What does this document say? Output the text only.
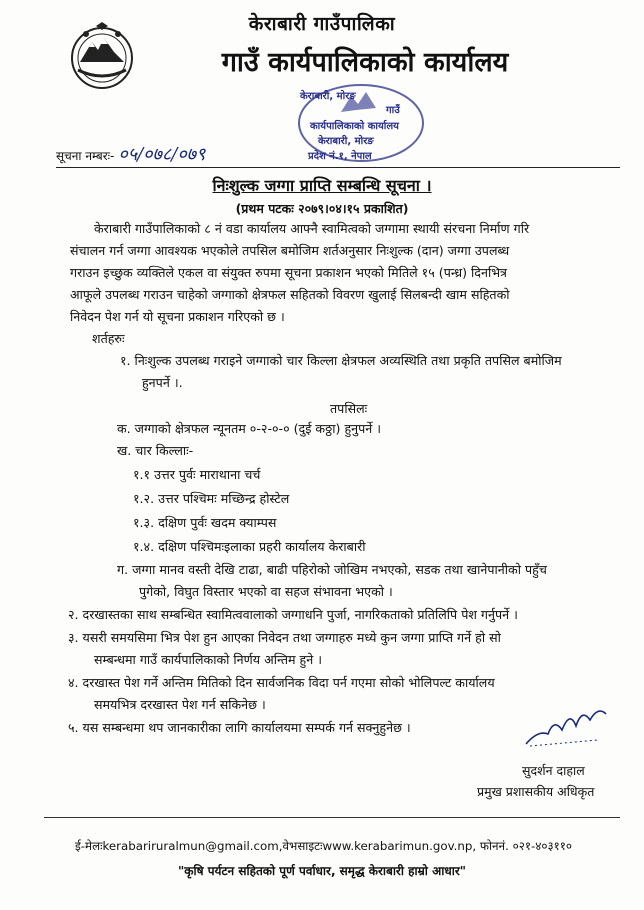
केराबारी गाउँपालिका
गाउँ कार्यपालिकाको कार्यालय
केराबारी, मोरङ
गाउँ
कार्यपालिकाको कार्यालय
केराबारी, मोरङ
प्रदेश नं.१, नेपाल
सूचना नम्बरः- ०५/०७८/०७९
निःशुल्क जग्गा प्राप्ति सम्बन्धि सूचना ।
(प्रथम पटकः २०७९।०४।१५ प्रकाशित)
केराबारी गाउँपालिकाको ८ नं वडा कार्यालय आफ्नै स्वामित्वको जग्गामा स्थायी संरचना निर्माण गरि
संचालन गर्न जग्गा आवश्यक भएकोले तपसिल बमोजिम शर्तअनुसार निःशुल्क (दान) जग्गा उपलब्ध
गराउन इच्छुक व्यक्तिले एकल वा संयुक्त रुपमा सूचना प्रकाशन भएको मितिले १५ (पन्ध्र) दिनभित्र
आफूले उपलब्ध गराउन चाहेको जग्गाको क्षेत्रफल सहितको विवरण खुलाई सिलबन्दी खाम सहितको
निवेदन पेश गर्न यो सूचना प्रकाशन गरिएको छ ।
शर्तहरुः
१. निःशुल्क उपलब्ध गराइने जग्गाको चार किल्ला क्षेत्रफल अव्यस्थिति तथा प्रकृति तपसिल बमोजिम
हुनपर्ने ।.
तपसिलः
क. जग्गाको क्षेत्रफल न्यूनतम ०-२-०-० (दुई कठ्ठा) हुनुपर्ने ।
ख. चार किल्लाः-
१.१ उत्तर पुर्वः माराथाना चर्च
१.२. उत्तर पश्चिमः मच्छिन्द्र होस्टेल
१.३. दक्षिण पुर्वः खदम क्याम्पस
१.४. दक्षिण पश्चिमःइलाका प्रहरी कार्यालय केराबारी
ग. जग्गा मानव वस्ती देखि टाढा, बाढी पहिरोको जोखिम नभएको, सडक तथा खानेपानीको पहुँच
पुगेको, विघुत विस्तार भएको वा सहज संभावना भएको ।
२. दरखास्तका साथ सम्बन्धित स्वामित्ववालाको जग्गाधनि पुर्जा, नागरिकताको प्रतिलिपि पेश गर्नुपर्ने ।
३. यसरी समयसिमा भित्र पेश हुन आएका निवेदन तथा जग्गाहरु मध्ये कुन जग्गा प्राप्ति गर्ने हो सो
सम्बन्धमा गाउँ कार्यपालिकाको निर्णय अन्तिम हुने ।
४. दरखास्त पेश गर्ने अन्तिम मितिको दिन सार्वजनिक विदा पर्न गएमा सोको भोलिपल्ट कार्यालय
समयभित्र दरखास्त पेश गर्न सकिनेछ ।
५. यस सम्बन्धमा थप जानकारीका लागि कार्यालयमा सम्पर्क गर्न सक्नुहुनेछ ।
सुदर्शन दाहाल
प्रमुख प्रशासकीय अधिकृत
ई-मेलःkerabariruralmun@gmail.com,वेभसाइटःwww.kerabarimun.gov.np, फोननं. ०२१-४०३११०
"कृषि पर्यटन सहितको पूर्ण पर्वाधार, समृद्ध केराबारी हाम्रो आधार"
